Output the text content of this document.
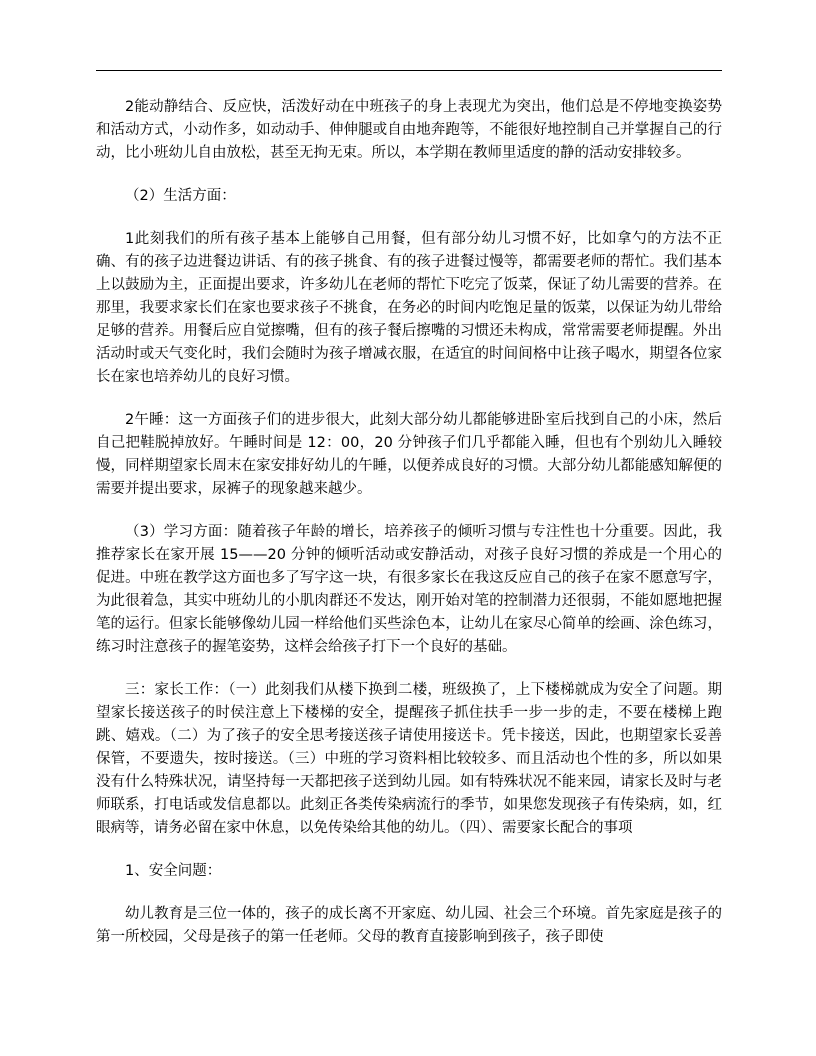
2能动静结合、反应快，活泼好动在中班孩子的身上表现尤为突出，他们总是不停地变换姿势和活动方式，小动作多，如动动手、伸伸腿或自由地奔跑等，不能很好地控制自己并掌握自己的行动，比小班幼儿自由放松，甚至无拘无束。所以，本学期在教师里适度的静的活动安排较多。

（2）生活方面：

1此刻我们的所有孩子基本上能够自己用餐，但有部分幼儿习惯不好，比如拿勺的方法不正确、有的孩子边进餐边讲话、有的孩子挑食、有的孩子进餐过慢等，都需要老师的帮忙。我们基本上以鼓励为主，正面提出要求，许多幼儿在老师的帮忙下吃完了饭菜，保证了幼儿需要的营养。在那里，我要求家长们在家也要求孩子不挑食，在务必的时间内吃饱足量的饭菜，以保证为幼儿带给足够的营养。用餐后应自觉擦嘴，但有的孩子餐后擦嘴的习惯还未构成，常常需要老师提醒。外出活动时或天气变化时，我们会随时为孩子增减衣服，在适宜的时间间格中让孩子喝水，期望各位家长在家也培养幼儿的良好习惯。

2午睡：这一方面孩子们的进步很大，此刻大部分幼儿都能够进卧室后找到自己的小床，然后自己把鞋脱掉放好。午睡时间是 12：00，20 分钟孩子们几乎都能入睡，但也有个别幼儿入睡较慢，同样期望家长周末在家安排好幼儿的午睡，以便养成良好的习惯。大部分幼儿都能感知解便的需要并提出要求，尿裤子的现象越来越少。

（3）学习方面：随着孩子年龄的增长，培养孩子的倾听习惯与专注性也十分重要。因此，我推荐家长在家开展 15——20 分钟的倾听活动或安静活动，对孩子良好习惯的养成是一个用心的促进。中班在教学这方面也多了写字这一块，有很多家长在我这反应自己的孩子在家不愿意写字，为此很着急，其实中班幼儿的小肌肉群还不发达，刚开始对笔的控制潜力还很弱，不能如愿地把握笔的运行。但家长能够像幼儿园一样给他们买些涂色本，让幼儿在家尽心简单的绘画、涂色练习，练习时注意孩子的握笔姿势，这样会给孩子打下一个良好的基础。

三：家长工作：（一）此刻我们从楼下换到二楼，班级换了，上下楼梯就成为安全了问题。期望家长接送孩子的时侯注意上下楼梯的安全，提醒孩子抓住扶手一步一步的走，不要在楼梯上跑跳、嬉戏。（二）为了孩子的安全思考接送孩子请使用接送卡。凭卡接送，因此，也期望家长妥善保管，不要遗失，按时接送。（三）中班的学习资料相比较较多、而且活动也个性的多，所以如果没有什么特殊状况，请坚持每一天都把孩子送到幼儿园。如有特殊状况不能来园，请家长及时与老师联系，打电话或发信息都以。此刻正各类传染病流行的季节，如果您发现孩子有传染病，如，红眼病等，请务必留在家中休息，以免传染给其他的幼儿。（四）、需要家长配合的事项

1、安全问题：

幼儿教育是三位一体的，孩子的成长离不开家庭、幼儿园、社会三个环境。首先家庭是孩子的第一所校园，父母是孩子的第一任老师。父母的教育直接影响到孩子，孩子即使
